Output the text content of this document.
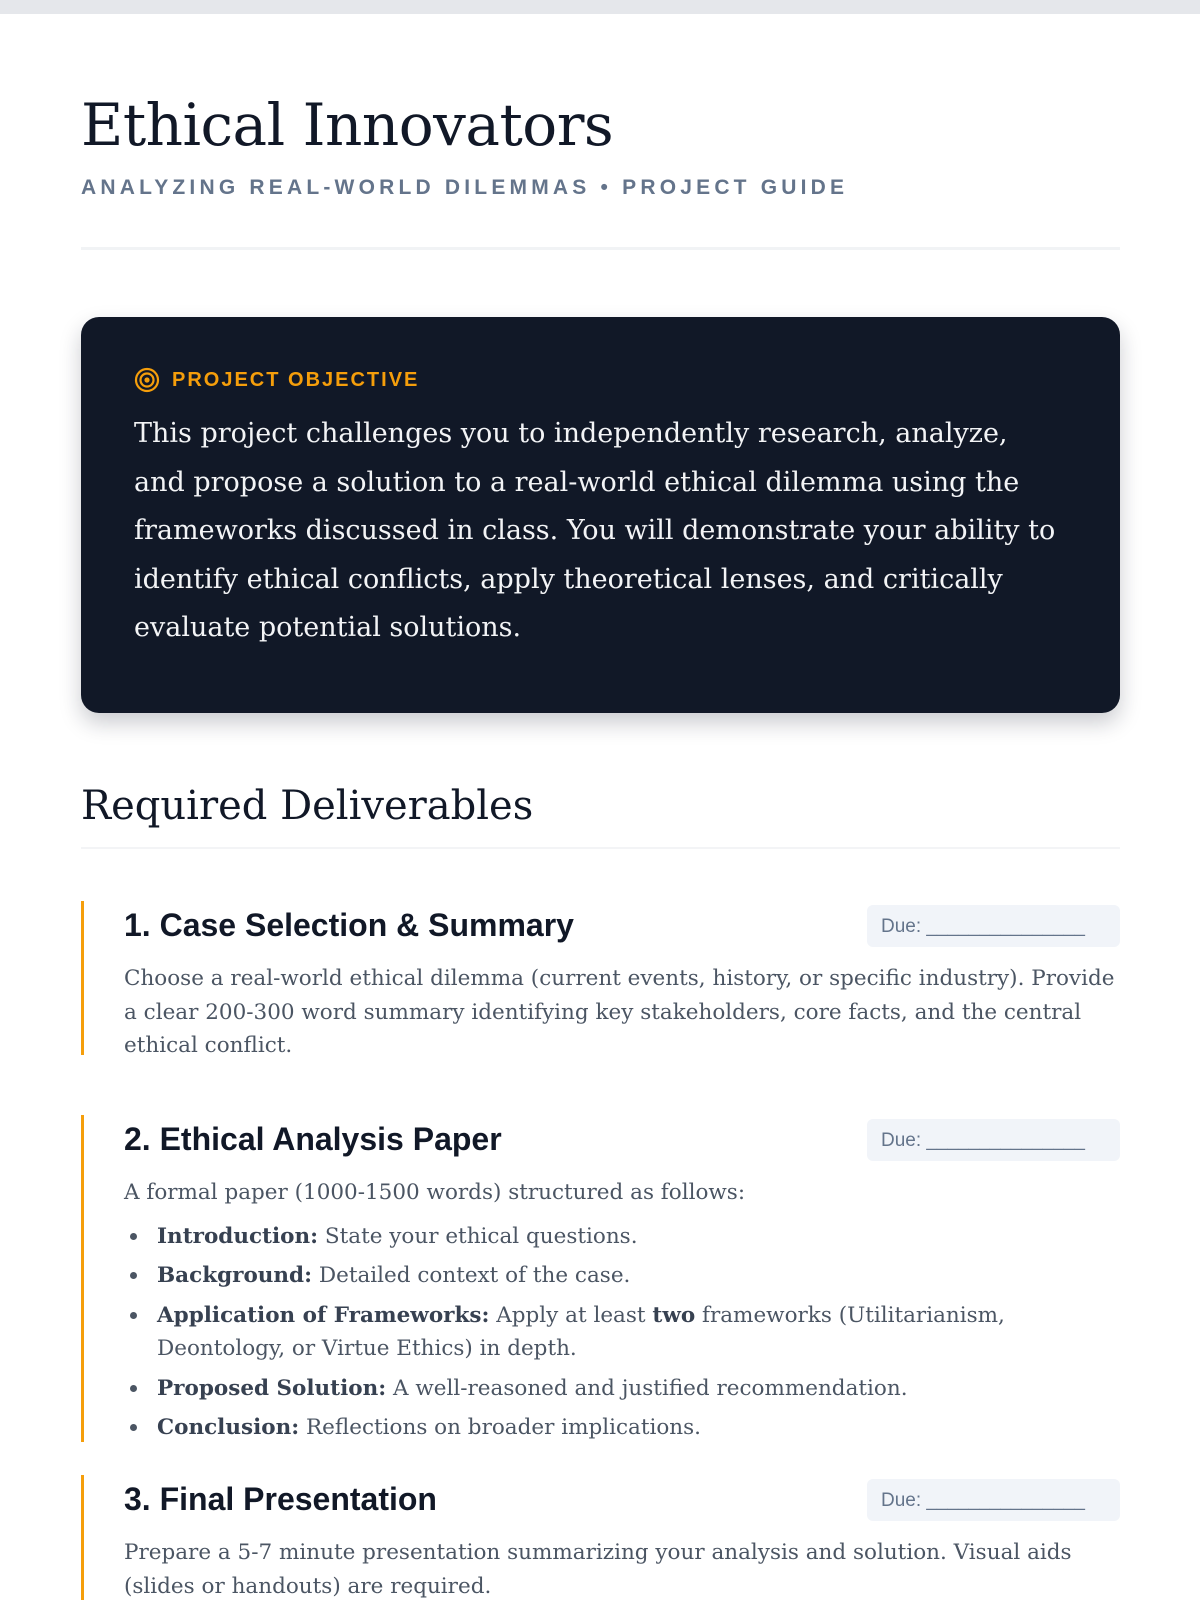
Ethical Innovators
ANALYZING REAL-WORLD DILEMMAS • PROJECT GUIDE
PROJECT OBJECTIVE
This project challenges you to independently research, analyze, and propose a solution to a real-world ethical dilemma using the frameworks discussed in class. You will demonstrate your ability to identify ethical conflicts, apply theoretical lenses, and critically evaluate potential solutions.
Required Deliverables
1. Case Selection & Summary	Due: _______________

Choose a real-world ethical dilemma (current events, history, or specific industry). Provide a clear 200-300 word summary identifying key stakeholders, core facts, and the central ethical conflict.

2. Ethical Analysis Paper	Due: _______________

A formal paper (1000-1500 words) structured as follows:

Introduction: State your ethical questions.
Background: Detailed context of the case.
Application of Frameworks: Apply at least two frameworks (Utilitarianism, Deontology, or Virtue Ethics) in depth.
Proposed Solution: A well-reasoned and justified recommendation.
Conclusion: Reflections on broader implications.
3. Final Presentation	Due: _______________

Prepare a 5-7 minute presentation summarizing your analysis and solution. Visual aids (slides or handouts) are required.
